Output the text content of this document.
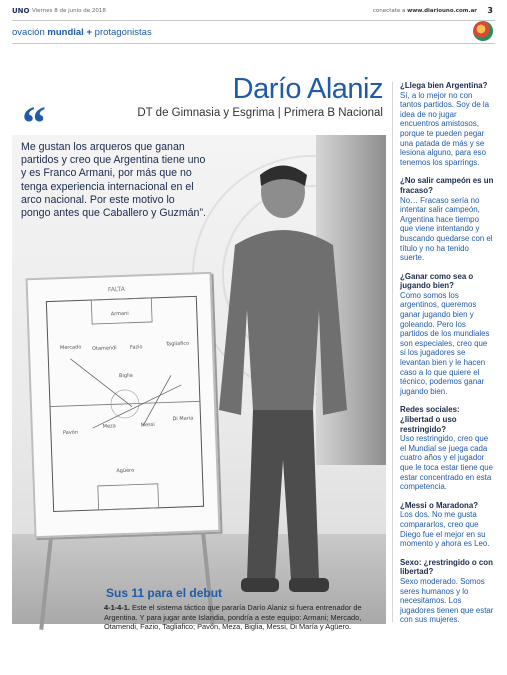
UNO Viernes 8 de junio de 2018	conectate a www.diariouno.com.ar 3
ovación mundial + protagonistas
FALTA
Armani
Mercado Otamendi	Fazio
Tagliafico
Biglia
Messi
Pavón
Meza
Di María
Agüero
Darío Alaniz
DT de Gimnasia y Esgrima | Primera B Nacional
“
Me gustan los arqueros que ganan partidos y creo que Argentina tiene uno y es Franco Armani, por más que no tenga experiencia internacional en el arco nacional. Por este motivo lo pongo antes que Caballero y Guzmán”.
Sus 11 para el debut
4-1-4-1. Este el sistema táctico que pararía Darío Alaniz si fuera entrenador de Argentina. Y para jugar ante Islandia, pondría a este equipo: Armani; Mercado, Otamendi, Fazio, Tagliafico; Pavón, Meza, Biglia, Messi, Di María y Agüero.
¿Llega bien Argentina?
Sí, a lo mejor no con tantos partidos. Soy de la idea de no jugar encuentros amistosos, porque te pueden pegar una patada de más y se lesiona alguno, para eso tenemos los sparrings.
¿No salir campeón es un fracaso?
No… Fracaso sería no intentar salir campeón, Argentina hace tiempo que viene intentando y buscando quedarse con el título y no ha tenido suerte.
¿Ganar como sea o jugando bien?
Como somos los argentinos, queremos ganar jugando bien y goleando. Pero los partidos de los mundiales son especiales, creo que si los jugadores se levantan bien y le hacen caso a lo que quiere el técnico, podemos ganar jugando bien.
Redes sociales: ¿libertad o uso restringido?
Uso restringido, creo que el Mundial se juega cada cuatro años y el jugador que le toca estar tiene que estar concentrado en esta competencia.
¿Messi o Maradona?
Los dos. No me gusta compararlos, creo que Diego fue el mejor en su momento y ahora es Leo.
Sexo: ¿restringido o con libertad?
Sexo moderado. Somos seres humanos y lo necesitamos. Los jugadores tienen que estar con sus mujeres.
